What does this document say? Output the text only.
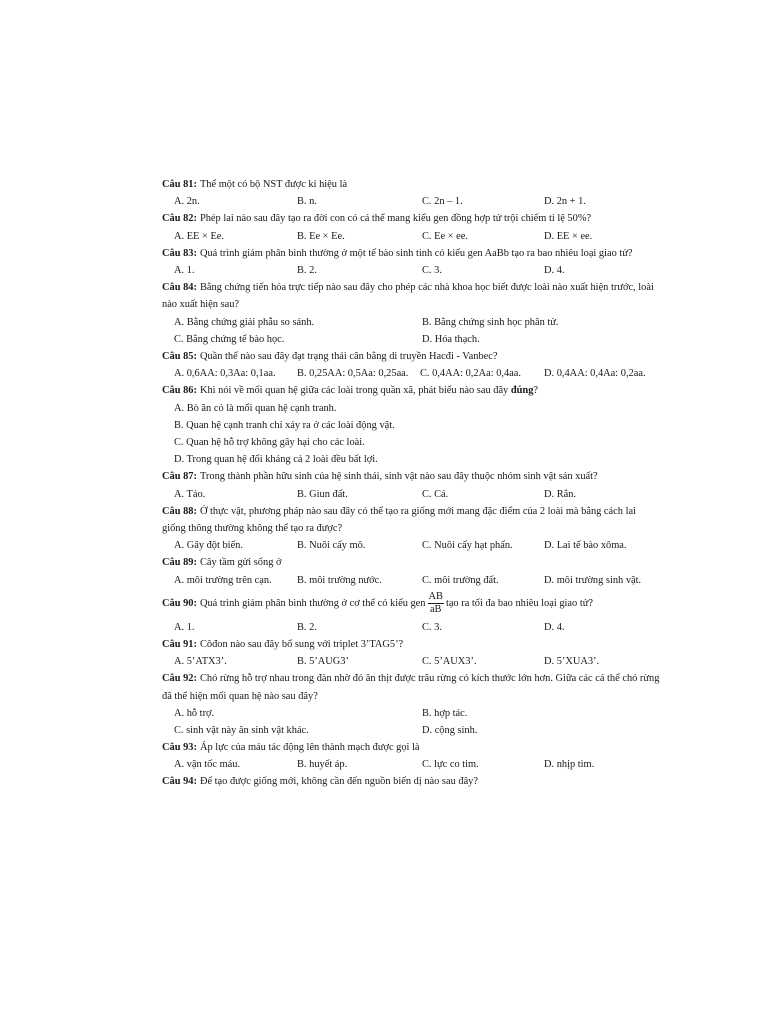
Câu 81: Thể một có bộ NST được kí hiệu là
A. 2n.	B. n.	C. 2n – 1.	D. 2n + 1.
Câu 82: Phép lai nào sau đây tạo ra đời con có cá thể mang kiểu gen đồng hợp tử trội chiếm tỉ lệ 50%?
A. EE × Ee.	B. Ee × Ee.	C. Ee × ee.	D. EE × ee.
Câu 83: Quá trình giảm phân bình thường ở một tế bào sinh tinh có kiểu gen AaBb tạo ra bao nhiêu loại giao tử?
A. 1.	B. 2.	C. 3.	D. 4.
Câu 84: Bằng chứng tiến hóa trực tiếp nào sau đây cho phép các nhà khoa học biết được loài nào xuất hiện trước, loài nào xuất hiện sau?
A. Bằng chứng giải phẫu so sánh.	B. Bằng chứng sinh học phân tử.
C. Bằng chứng tế bào học.	D. Hóa thạch.
Câu 85: Quần thể nào sau đây đạt trạng thái cân bằng di truyền Hacđi - Vanbec?
A. 0,6AA: 0,3Aa: 0,1aa. B. 0,25AA: 0,5Aa: 0,25aa. C. 0,4AA: 0,2Aa: 0,4aa. D. 0,4AA: 0,4Aa: 0,2aa.
Câu 86: Khi nói về mối quan hệ giữa các loài trong quần xã, phát biểu nào sau đây đúng?
A. Bò ăn cỏ là mối quan hệ cạnh tranh.
B. Quan hệ cạnh tranh chỉ xảy ra ở các loài động vật.
C. Quan hệ hỗ trợ không gây hại cho các loài.
D. Trong quan hệ đối kháng cả 2 loài đều bất lợi.
Câu 87: Trong thành phần hữu sinh của hệ sinh thái, sinh vật nào sau đây thuộc nhóm sinh vật sản xuất?
A. Tảo.	B. Giun đất.	C. Cá.	D. Rắn.
Câu 88: Ở thực vật, phương pháp nào sau đây có thể tạo ra giống mới mang đặc điểm của 2 loài mà bằng cách lai giống thông thường không thể tạo ra được?
A. Gây đột biến.	B. Nuôi cấy mô.	C. Nuôi cấy hạt phấn.	D. Lai tế bào xôma.
Câu 89: Cây tầm gửi sống ở
A. môi trường trên cạn. B. môi trường nước.	C. môi trường đất.	D. môi trường sinh vật.
Câu 90: Quá trình giảm phân bình thường ở cơ thể có kiểu gen $\frac{AB}{aB}$ tạo ra tối đa bao nhiêu loại giao tử?
A. 1.	B. 2.	C. 3.	D. 4.
Câu 91: Côđon nào sau đây bổ sung với triplet 3’TAG5’?
A. 5’ATX3’.	B. 5’AUG3’	C. 5’AUX3’.	D. 5’XUA3’.
Câu 92: Chó rừng hỗ trợ nhau trong đàn nhờ đó ăn thịt được trâu rừng có kích thước lớn hơn. Giữa các cá thể chó rừng đã thể hiện mối quan hệ nào sau đây?
A. hỗ trợ.	B. hợp tác.
C. sinh vật này ăn sinh vật khác.	D. cộng sinh.
Câu 93: Áp lực của máu tác động lên thành mạch được gọi là
A. vận tốc máu.	B. huyết áp.	C. lực co tim.	D. nhịp tim.
Câu 94: Để tạo được giống mới, không cần đến nguồn biến dị nào sau đây?
